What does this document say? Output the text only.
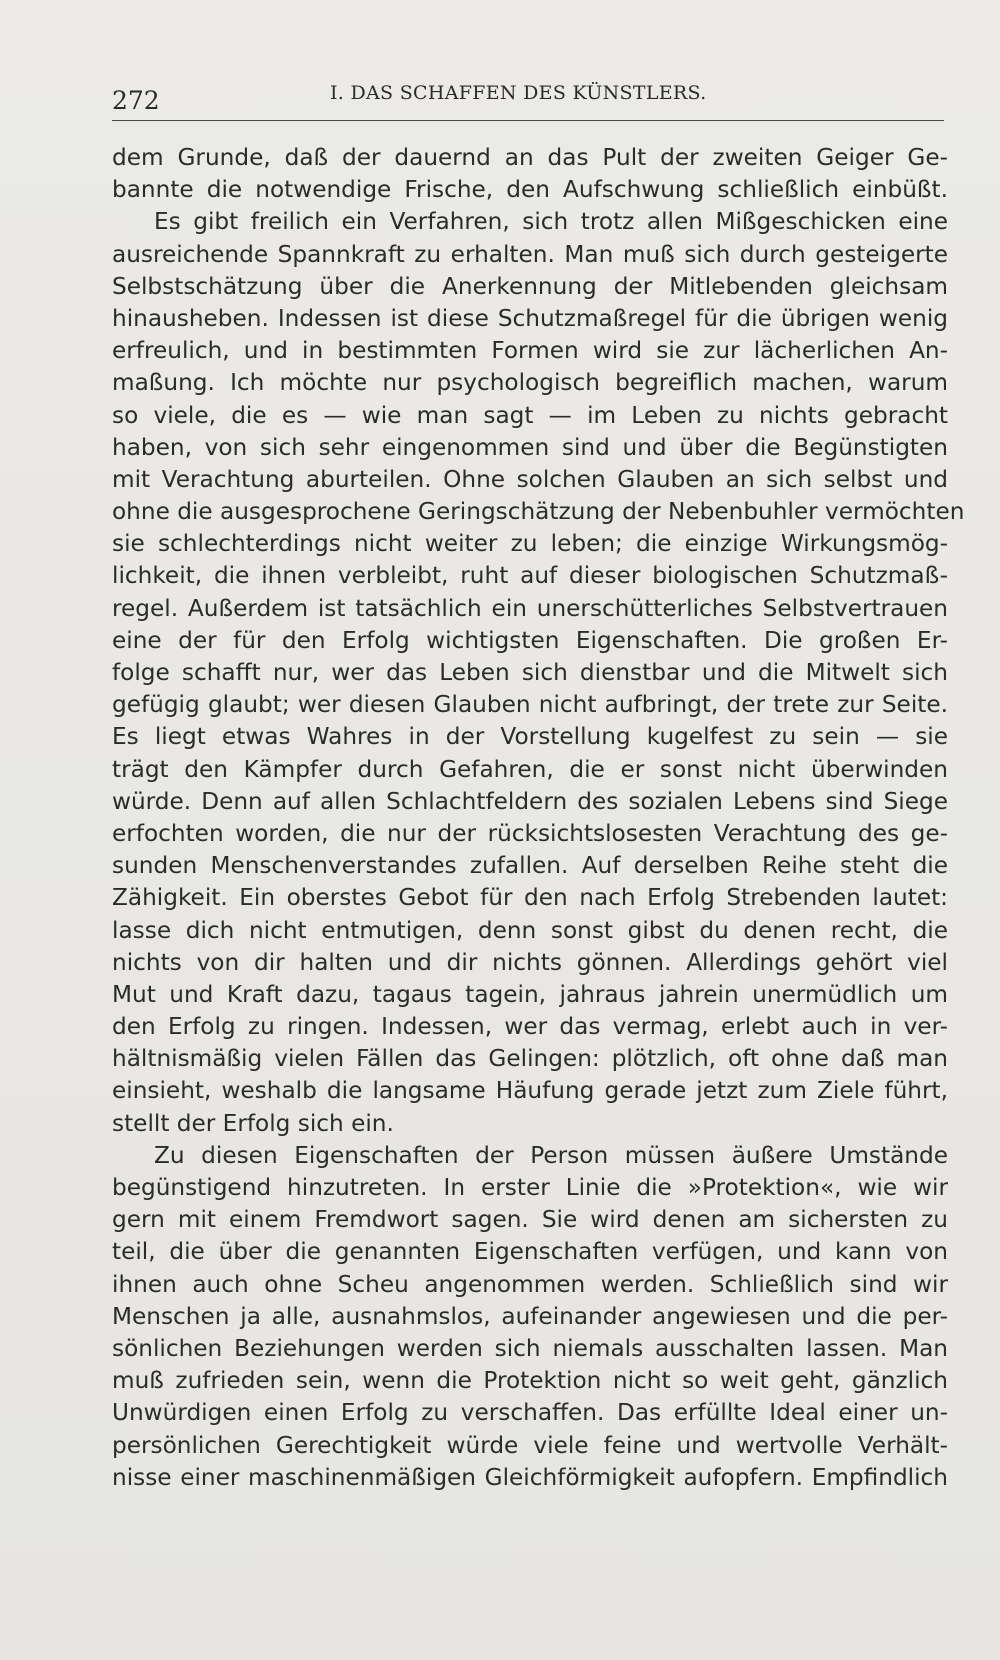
272	I. DAS SCHAFFEN DES KÜNSTLERS.
dem Grunde, daß der dauernd an das Pult der zweiten Geiger Ge-
bannte die notwendige Frische, den Aufschwung schließlich einbüßt.
Es gibt freilich ein Verfahren, sich trotz allen Mißgeschicken eine
ausreichende Spannkraft zu erhalten. Man muß sich durch gesteigerte
Selbstschätzung über die Anerkennung der Mitlebenden gleichsam
hinausheben. Indessen ist diese Schutzmaßregel für die übrigen wenig
erfreulich, und in bestimmten Formen wird sie zur lächerlichen An-
maßung. Ich möchte nur psychologisch begreiflich machen, warum
so viele, die es — wie man sagt — im Leben zu nichts gebracht
haben, von sich sehr eingenommen sind und über die Begünstigten
mit Verachtung aburteilen. Ohne solchen Glauben an sich selbst und
ohne die ausgesprochene Geringschätzung der Nebenbuhler vermöchten
sie schlechterdings nicht weiter zu leben; die einzige Wirkungsmög-
lichkeit, die ihnen verbleibt, ruht auf dieser biologischen Schutzmaß-
regel. Außerdem ist tatsächlich ein unerschütterliches Selbstvertrauen
eine der für den Erfolg wichtigsten Eigenschaften. Die großen Er-
folge schafft nur, wer das Leben sich dienstbar und die Mitwelt sich
gefügig glaubt; wer diesen Glauben nicht aufbringt, der trete zur Seite.
Es liegt etwas Wahres in der Vorstellung kugelfest zu sein — sie
trägt den Kämpfer durch Gefahren, die er sonst nicht überwinden
würde. Denn auf allen Schlachtfeldern des sozialen Lebens sind Siege
erfochten worden, die nur der rücksichtslosesten Verachtung des ge-
sunden Menschenverstandes zufallen. Auf derselben Reihe steht die
Zähigkeit. Ein oberstes Gebot für den nach Erfolg Strebenden lautet:
lasse dich nicht entmutigen, denn sonst gibst du denen recht, die
nichts von dir halten und dir nichts gönnen. Allerdings gehört viel
Mut und Kraft dazu, tagaus tagein, jahraus jahrein unermüdlich um
den Erfolg zu ringen. Indessen, wer das vermag, erlebt auch in ver-
hältnismäßig vielen Fällen das Gelingen: plötzlich, oft ohne daß man
einsieht, weshalb die langsame Häufung gerade jetzt zum Ziele führt,
stellt der Erfolg sich ein.
Zu diesen Eigenschaften der Person müssen äußere Umstände
begünstigend hinzutreten. In erster Linie die »Protektion«, wie wir
gern mit einem Fremdwort sagen. Sie wird denen am sichersten zu
teil, die über die genannten Eigenschaften verfügen, und kann von
ihnen auch ohne Scheu angenommen werden. Schließlich sind wir
Menschen ja alle, ausnahmslos, aufeinander angewiesen und die per-
sönlichen Beziehungen werden sich niemals ausschalten lassen. Man
muß zufrieden sein, wenn die Protektion nicht so weit geht, gänzlich
Unwürdigen einen Erfolg zu verschaffen. Das erfüllte Ideal einer un-
persönlichen Gerechtigkeit würde viele feine und wertvolle Verhält-
nisse einer maschinenmäßigen Gleichförmigkeit aufopfern. Empfindlich
